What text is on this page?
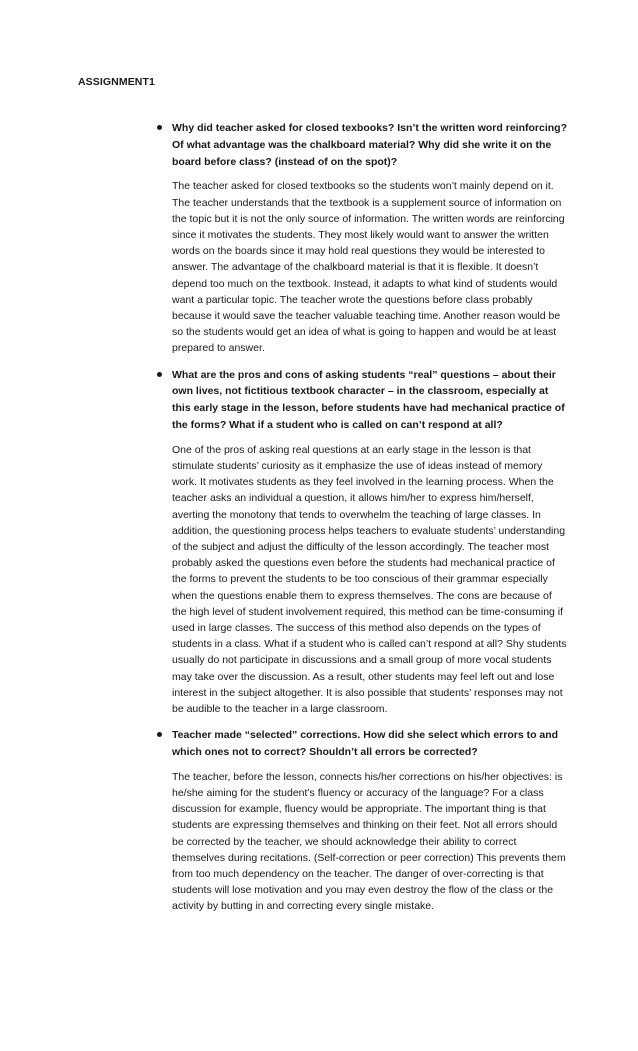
ASSIGNMENT1

Why did teacher asked for closed texbooks? Isn’t the written word reinforcing? Of what advantage was the chalkboard material? Why did she write it on the board before class? (instead of on the spot)?

The teacher asked for closed textbooks so the students won’t mainly depend on it. The teacher understands that the textbook is a supplement source of information on the topic but it is not the only source of information. The written words are reinforcing since it motivates the students. They most likely would want to answer the written words on the boards since it may hold real questions they would be interested to answer. The advantage of the chalkboard material is that it is flexible. It doesn’t depend too much on the textbook. Instead, it adapts to what kind of students would want a particular topic. The teacher wrote the questions before class probably because it would save the teacher valuable teaching time. Another reason would be so the students would get an idea of what is going to happen and would be at least prepared to answer.

What are the pros and cons of asking students “real” questions – about their own lives, not fictitious textbook character – in the classroom, especially at this early stage in the lesson, before students have had mechanical practice of the forms? What if a student who is called on can’t respond at all?

One of the pros of asking real questions at an early stage in the lesson is that stimulate students’ curiosity as it emphasize the use of ideas instead of memory work. It motivates students as they feel involved in the learning process. When the teacher asks an individual a question, it allows him/her to express him/herself, averting the monotony that tends to overwhelm the teaching of large classes. In addition, the questioning process helps teachers to evaluate students’ understanding of the subject and adjust the difficulty of the lesson accordingly. The teacher most probably asked the questions even before the students had mechanical practice of the forms to prevent the students to be too conscious of their grammar especially when the questions enable them to express themselves. The cons are because of the high level of student involvement required, this method can be time-consuming if used in large classes. The success of this method also depends on the types of students in a class. What if a student who is called can’t respond at all? Shy students usually do not participate in discussions and a small group of more vocal students may take over the discussion. As a result, other students may feel left out and lose interest in the subject altogether. It is also possible that students’ responses may not be audible to the teacher in a large classroom.

Teacher made “selected” corrections. How did she select which errors to and which ones not to correct? Shouldn’t all errors be corrected?

The teacher, before the lesson, connects his/her corrections on his/her objectives: is he/she aiming for the student’s fluency or accuracy of the language? For a class discussion for example, fluency would be appropriate. The important thing is that students are expressing themselves and thinking on their feet. Not all errors should be corrected by the teacher, we should acknowledge their ability to correct themselves during recitations. (Self-correction or peer correction) This prevents them from too much dependency on the teacher. The danger of over-correcting is that students will lose motivation and you may even destroy the flow of the class or the activity by butting in and correcting every single mistake.
